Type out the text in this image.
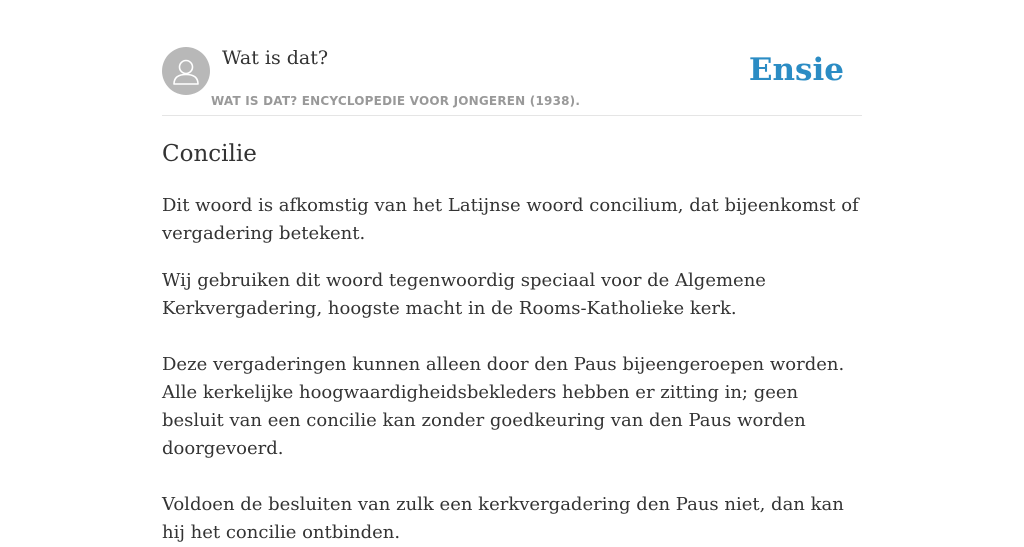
Wat is dat?
WAT IS DAT? ENCYCLOPEDIE VOOR JONGEREN (1938).
Ensie
Concilie

Dit woord is afkomstig van het Latijnse woord concilium, dat bijeenkomst of vergadering betekent.

Wij gebruiken dit woord tegenwoordig speciaal voor de Algemene Kerkvergadering, hoogste macht in de Rooms-Katholieke kerk.

Deze vergaderingen kunnen alleen door den Paus bijeengeroepen worden. Alle kerkelijke hoogwaardigheidsbekleders hebben er zitting in; geen besluit van een concilie kan zonder goedkeuring van den Paus worden doorgevoerd.

Voldoen de besluiten van zulk een kerkvergadering den Paus niet, dan kan hij het concilie ontbinden.
